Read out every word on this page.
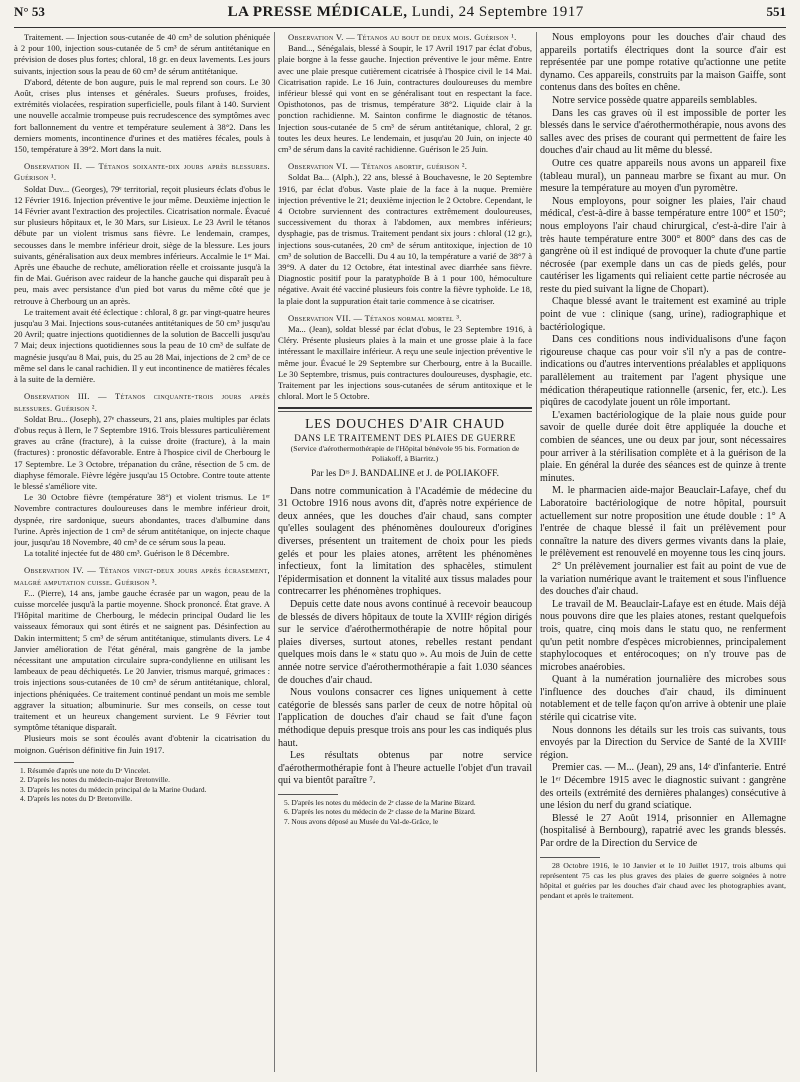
N° 53	LA PRESSE MÉDICALE, Lundi, 24 Septembre 1917	551

Traitement. — Injection sous-cutanée de 40 cm³ de solution phéniquée à 2 pour 100, injection sous-cutanée de 5 cm³ de sérum antitétanique en prévision de doses plus fortes; chloral, 18 gr. en deux lavements. Les jours suivants, injection sous la peau de 60 cm³ de sérum antitétanique.

D'abord, détente de bon augure, puis le mal reprend son cours. Le 30 Août, crises plus intenses et générales. Sueurs profuses, froides, extrémités violacées, respiration superficielle, pouls filant à 140. Survient une nouvelle accalmie trompeuse puis recrudescence des symptômes avec fort ballonnement du ventre et température seulement à 38°2. Dans les derniers moments, incontinence d'urines et des matières fécales, pouls à 150, température à 39°2. Mort dans la nuit.

Observation II. — Tétanos soixante-dix jours après blessures. Guérison ¹.

Soldat Duv... (Georges), 79ᵉ territorial, reçoit plusieurs éclats d'obus le 12 Février 1916. Injection préventive le jour même. Deuxième injection le 14 Février avant l'extraction des projectiles. Cicatrisation normale. Évacué sur plusieurs hôpitaux et, le 30 Mars, sur Lisieux. Le 23 Avril le tétanos débute par un violent trismus sans fièvre. Le lendemain, crampes, secousses dans le membre inférieur droit, siège de la blessure. Les jours suivants, généralisation aux deux membres inférieurs. Accalmie le 1ᵉʳ Mai. Après une ébauche de rechute, amélioration réelle et croissante jusqu'à la fin de Mai. Guérison avec raideur de la hanche gauche qui disparaît peu à peu, mais avec persistance d'un pied bot varus du même côté que je retrouve à Cherbourg un an après.

Le traitement avait été éclectique : chloral, 8 gr. par vingt-quatre heures jusqu'au 3 Mai. Injections sous-cutanées antitétaniques de 50 cm³ jusqu'au 20 Avril; quatre injections quotidiennes de la solution de Baccelli jusqu'au 7 Mai; deux injections quotidiennes sous la peau de 10 cm³ de sulfate de magnésie jusqu'au 8 Mai, puis, du 25 au 28 Mai, injections de 2 cm³ de ce même sel dans le canal rachidien. Il y eut incontinence de matières fécales à la suite de la dernière.

Observation III. — Tétanos cinquante-trois jours après blessures. Guérison ².

Soldat Bru... (Joseph), 27ᵉ chasseurs, 21 ans, plaies multiples par éclats d'obus reçus à Ilern, le 7 Septembre 1916. Trois blessures particulièrement graves au crâne (fracture), à la cuisse droite (fracture), à la main (fractures) : pronostic défavorable. Entre à l'hospice civil de Cherbourg le 17 Septembre. Le 3 Octobre, trépanation du crâne, résection de 5 cm. de diaphyse fémorale. Fièvre légère jusqu'au 15 Octobre. Contre toute attente le blessé s'améliore vite.

Le 30 Octobre fièvre (température 38°) et violent trismus. Le 1ᵉʳ Novembre contractures douloureuses dans le membre inférieur droit, dyspnée, rire sardonique, sueurs abondantes, traces d'albumine dans l'urine. Après injection de 1 cm³ de sérum antitétanique, on injecte chaque jour, jusqu'au 18 Novembre, 40 cm³ de ce sérum sous la peau.

La totalité injectée fut de 480 cm³. Guérison le 8 Décembre.

Observation IV. — Tétanos vingt-deux jours après écrasement, malgré amputation cuisse. Guérison ³.

F... (Pierre), 14 ans, jambe gauche écrasée par un wagon, peau de la cuisse morcelée jusqu'à la partie moyenne. Shock prononcé. État grave. A l'Hôpital maritime de Cherbourg, le médecin principal Oudard lie les vaisseaux fémoraux qui sont étirés et ne saignent pas. Désinfection au Dakin intermittent; 5 cm³ de sérum antitétanique, stimulants divers. Le 4 Janvier amélioration de l'état général, mais gangrène de la jambe nécessitant une amputation circulaire supra-condylienne en utilisant les lambeaux de peau déchiquetés. Le 20 Janvier, trismus marqué, grimaces : trois injections sous-cutanées de 10 cm³ de sérum antitétanique, chloral, injections phéniquées. Ce traitement continué pendant un mois me semble aggraver la situation; albuminurie. Sur mes conseils, on cesse tout traitement et un heureux changement survient. Le 9 Février tout symptôme tétanique disparaît.

Plusieurs mois se sont écoulés avant d'obtenir la cicatrisation du moignon. Guérison définitive fin Juin 1917.

1. Résumée d'après une note du Dʳ Vincelet.

2. D'après les notes du médecin-major Bretonville.

3. D'après les notes du médecin principal de la Marine Oudard.

4. D'après les notes du Dʳ Bretonville.

Observation V. — Tétanos au bout de deux mois. Guérison ¹.

Band..., Sénégalais, blessé à Soupir, le 17 Avril 1917 par éclat d'obus, plaie borgne à la fesse gauche. Injection préventive le jour même. Entre avec une plaie presque cutièrement cicatrisée à l'hospice civil le 14 Mai. Cicatrisation rapide. Le 16 Juin, contractures douloureuses du membre inférieur blessé qui vont en se généralisant tout en respectant la face. Opisthotonos, pas de trismus, température 38°2. Liquide clair à la ponction rachidienne. M. Sainton confirme le diagnostic de tétanos. Injection sous-cutanée de 5 cm³ de sérum antitétanique, chloral, 2 gr. toutes les deux heures. Le lendemain, et jusqu'au 20 Juin, on injecte 40 cm³ de sérum dans la cavité rachidienne. Guérison le 25 Juin.

Observation VI. — Tétanos abortif, guérison ².

Soldat Ba... (Alph.), 22 ans, blessé à Bouchavesne, le 20 Septembre 1916, par éclat d'obus. Vaste plaie de la face à la nuque. Première injection préventive le 21; deuxième injection le 2 Octobre. Cependant, le 4 Octobre surviennent des contractures extrêmement douloureuses, successivement du thorax à l'abdomen, aux membres inférieurs; dysphagie, pas de trismus. Traitement pendant six jours : chloral (12 gr.), injections sous-cutanées, 20 cm³ de sérum antitoxique, injection de 10 cm³ de solution de Baccelli. Du 4 au 10, la température a varié de 38°7 à 39°9. A dater du 12 Octobre, état intestinal avec diarrhée sans fièvre. Diagnostic positif pour la paratyphoïde B à 1 pour 100, hémoculture négative. Avait été vacciné plusieurs fois contre la fièvre typhoïde. Le 18, la plaie dont la suppuration était tarie commence à se cicatriser.

Observation VII. — Tétanos normal mortel ³.

Ma... (Jean), soldat blessé par éclat d'obus, le 23 Septembre 1916, à Cléry. Présente plusieurs plaies à la main et une grosse plaie à la face intéressant le maxillaire inférieur. A reçu une seule injection préventive le même jour. Évacué le 29 Septembre sur Cherbourg, entre à la Bucaille. Le 30 Septembre, trismus, puis contractures douloureuses, dysphagie, etc. Traitement par les injections sous-cutanées de sérum antitoxique et le chloral. Mort le 5 Octobre.

LES DOUCHES D'AIR CHAUD
DANS LE TRAITEMENT DES PLAIES DE GUERRE
(Service d'aérothermothérapie de l'Hôpital bénévole 95 bis. Formation de Poliakoff, à Biarritz.)
Par les Dʳˢ J. BANDALINE et J. de POLIAKOFF.

Dans notre communication à l'Académie de médecine du 31 Octobre 1916 nous avons dit, d'après notre expérience de deux années, que les douches d'air chaud, sans compter qu'elles soulagent des phénomènes douloureux d'origines diverses, présentent un traitement de choix pour les pieds gelés et pour les plaies atones, arrêtent les phénomènes infectieux, font la limitation des sphacèles, stimulent l'épidermisation et donnent la vitalité aux tissus malades pour contrecarrer les phénomènes trophiques.

Depuis cette date nous avons continué à recevoir beaucoup de blessés de divers hôpitaux de toute la XVIIIᵉ région dirigés sur le service d'aérothermothérapie de notre hôpital pour plaies diverses, surtout atones, rebelles restant pendant quelques mois dans le « statu quo ». Au mois de Juin de cette année notre service d'aérothermothérapie a fait 1.030 séances de douches d'air chaud.

Nous voulons consacrer ces lignes uniquement à cette catégorie de blessés sans parler de ceux de notre hôpital où l'application de douches d'air chaud se fait d'une façon méthodique depuis presque trois ans pour les cas indiqués plus haut.

Les résultats obtenus par notre service d'aérothermothérapie font à l'heure actuelle l'objet d'un travail qui va bientôt paraître ⁷.

5. D'après les notes du médecin de 2ᵉ classe de la Marine Bizard.

6. D'après les notes du médecin de 2ᵉ classe de la Marine Bizard.

7. Nous avons déposé au Musée du Val-de-Grâce, le

Nous employons pour les douches d'air chaud des appareils portatifs électriques dont la source d'air est représentée par une pompe rotative qu'actionne une petite dynamo. Ces appareils, construits par la maison Gaiffe, sont contenus dans des boîtes en chêne.

Notre service possède quatre appareils semblables.

Dans les cas graves où il est impossible de porter les blessés dans le service d'aérothermothérapie, nous avons des salles avec des prises de courant qui permettent de faire les douches d'air chaud au lit même du blessé.

Outre ces quatre appareils nous avons un appareil fixe (tableau mural), un panneau marbre se fixant au mur. On mesure la température au moyen d'un pyromètre.

Nous employons, pour soigner les plaies, l'air chaud médical, c'est-à-dire à basse température entre 100° et 150°; nous employons l'air chaud chirurgical, c'est-à-dire l'air à très haute température entre 300° et 800° dans des cas de gangrène où il est indiqué de provoquer la chute d'une partie nécrosée (par exemple dans un cas de pieds gelés, pour cautériser les ligaments qui reliaient cette partie nécrosée au reste du pied suivant la ligne de Chopart).

Chaque blessé avant le traitement est examiné au triple point de vue : clinique (sang, urine), radiographique et bactériologique.

Dans ces conditions nous individualisons d'une façon rigoureuse chaque cas pour voir s'il n'y a pas de contre-indications ou d'autres interventions préalables et appliquons parallèlement au traitement par l'agent physique une médication thérapeutique rationnelle (arsenic, fer, etc.). Les piqûres de cacodylate jouent un rôle important.

L'examen bactériologique de la plaie nous guide pour savoir de quelle durée doit être appliquée la douche et combien de séances, une ou deux par jour, sont nécessaires pour arriver à la stérilisation complète et à la guérison de la plaie. En général la durée des séances est de quinze à trente minutes.

M. le pharmacien aide-major Beauclair-Lafaye, chef du Laboratoire bactériologique de notre hôpital, poursuit actuellement sur notre proposition une étude double : 1° A l'entrée de chaque blessé il fait un prélèvement pour connaître la nature des divers germes vivants dans la plaie, le prélèvement est renouvelé en moyenne tous les cinq jours.

2° Un prélèvement journalier est fait au point de vue de la variation numérique avant le traitement et sous l'influence des douches d'air chaud.

Le travail de M. Beauclair-Lafaye est en étude. Mais déjà nous pouvons dire que les plaies atones, restant quelquefois trois, quatre, cinq mois dans le statu quo, ne renferment qu'un petit nombre d'espèces microbiennes, principalement staphylocoques et entérocoques; on n'y trouve pas de microbes anaérobies.

Quant à la numération journalière des microbes sous l'influence des douches d'air chaud, ils diminuent notablement et de telle façon qu'on arrive à obtenir une plaie stérile qui cicatrise vite.

Nous donnons les détails sur les trois cas suivants, tous envoyés par la Direction du Service de Santé de la XVIIIᵉ région.

Premier cas. — M... (Jean), 29 ans, 14ᵉ d'infanterie. Entré le 1ᵉʳ Décembre 1915 avec le diagnostic suivant : gangrène des orteils (extrémité des dernières phalanges) consécutive à une lésion du nerf du grand sciatique.

Blessé le 27 Août 1914, prisonnier en Allemagne (hospitalisé à Bernbourg), rapatrié avec les grands blessés. Par ordre de la Direction du Service de

28 Octobre 1916, le 10 Janvier et le 10 Juillet 1917, trois albums qui représentent 75 cas les plus graves des plaies de guerre soignées à notre hôpital et guéries par les douches d'air chaud avec les photographies avant, pendant et après le traitement.
